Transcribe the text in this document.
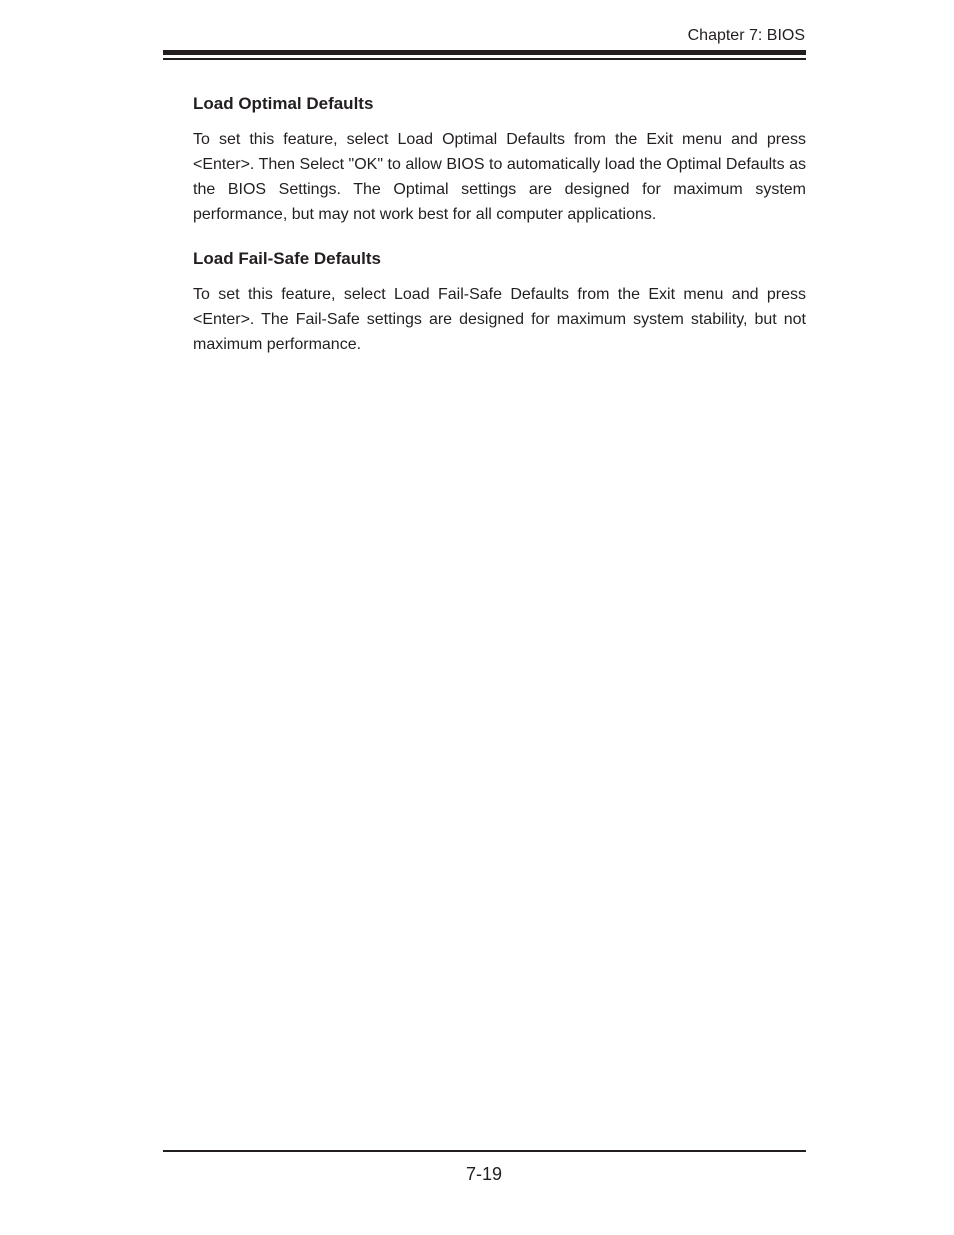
Chapter 7: BIOS
Load Optimal Defaults

To set this feature, select Load Optimal Defaults from the Exit menu and press <Enter>. Then Select "OK" to allow BIOS to automatically load the Optimal Defaults as the BIOS Settings. The Optimal settings are designed for maximum system performance, but may not work best for all computer applications.

Load Fail-Safe Defaults

To set this feature, select Load Fail-Safe Defaults from the Exit menu and press <Enter>. The Fail-Safe settings are designed for maximum system stability, but not maximum performance.

7-19
